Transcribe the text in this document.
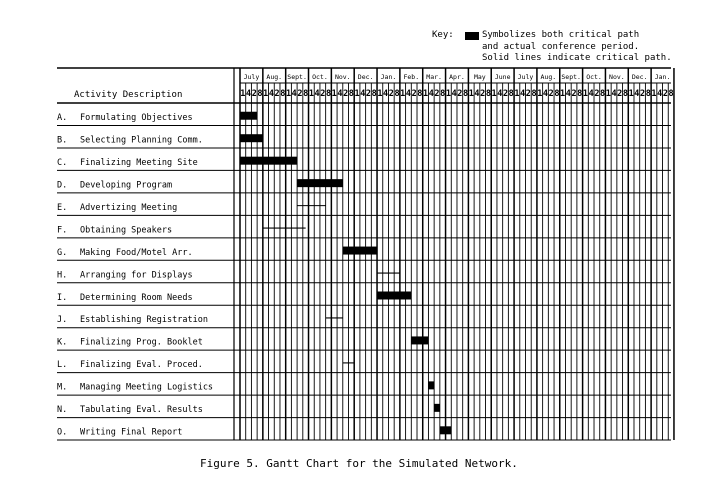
Key:	Symbolizes both critical path
and actual conference period.
Solid lines indicate critical path.
Activity Description
July Aug. Sept. Oct. Nov. Dec. Jan. Feb. Mar. Apr. May June July Aug. Sept. Oct. Nov. Dec. Jan.
1 4 2 8 1 4 2 8 1 4 2 8 1 4 2 8 1 4 2 8 1 4 2 8 1 4 2 8 1 4 2 8 1 4 2 8 1 4 2 8 1 4 2 8 1 4 2 8 1 4 2 8 1 4 2 8 1 4 2 8 1 4 2 8 1 4 2 8 1 4 2 8 1 4 2 8
A. Formulating Objectives
B. Selecting Planning Comm.
C. Finalizing Meeting Site
D. Developing Program
E. Advertizing Meeting
F. Obtaining Speakers
G. Making Food/Motel Arr.
H. Arranging for Displays
I. Determining Room Needs
J. Establishing Registration
K. Finalizing Prog. Booklet
L. Finalizing Eval. Proced.
M. Managing Meeting Logistics
N. Tabulating Eval. Results
O. Writing Final Report
Figure 5. Gantt Chart for the Simulated Network.
